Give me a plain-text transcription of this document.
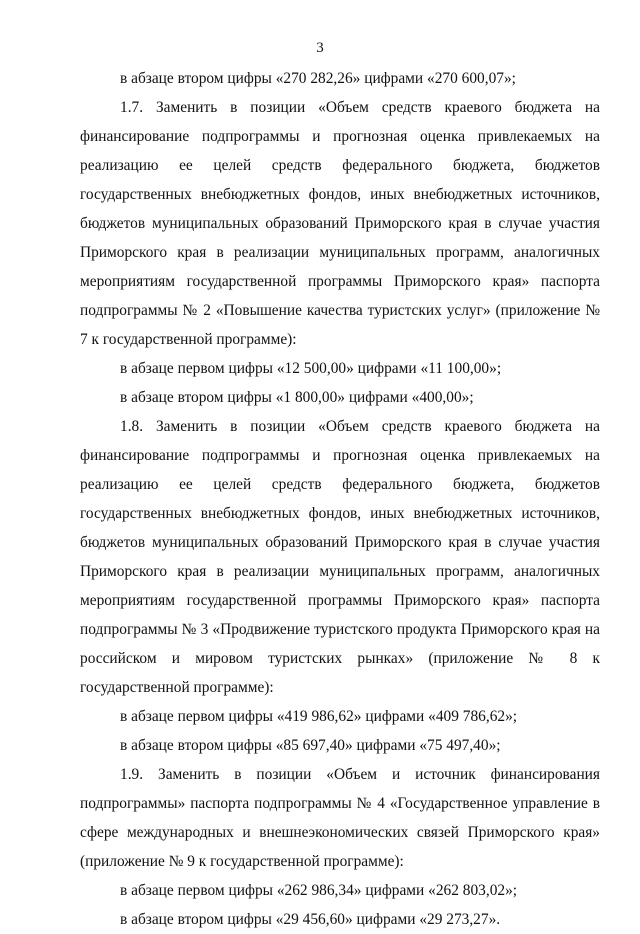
3

в абзаце втором цифры «270 282,26» цифрами «270 600,07»;

1.7. Заменить в позиции «Объем средств краевого бюджета на финансирование подпрограммы и прогнозная оценка привлекаемых на реализацию ее целей средств федерального бюджета, бюджетов государственных внебюджетных фондов, иных внебюджетных источников, бюджетов муниципальных образований Приморского края в случае участия Приморского края в реализации муниципальных программ, аналогичных мероприятиям государственной программы Приморского края» паспорта подпрограммы № 2 «Повышение качества туристских услуг» (приложение № 7 к государственной программе):

в абзаце первом цифры «12 500,00» цифрами «11 100,00»;

в абзаце втором цифры «1 800,00» цифрами «400,00»;

1.8. Заменить в позиции «Объем средств краевого бюджета на финансирование подпрограммы и прогнозная оценка привлекаемых на реализацию ее целей средств федерального бюджета, бюджетов государственных внебюджетных фондов, иных внебюджетных источников, бюджетов муниципальных образований Приморского края в случае участия Приморского края в реализации муниципальных программ, аналогичных мероприятиям государственной программы Приморского края» паспорта подпрограммы № 3 «Продвижение туристского продукта Приморского края на российском и мировом туристских рынках» (приложение № 8 к государственной программе):

в абзаце первом цифры «419 986,62» цифрами «409 786,62»;

в абзаце втором цифры «85 697,40» цифрами «75 497,40»;

1.9. Заменить в позиции «Объем и источник финансирования подпрограммы» паспорта подпрограммы № 4 «Государственное управление в сфере международных и внешнеэкономических связей Приморского края» (приложение № 9 к государственной программе):

в абзаце первом цифры «262 986,34» цифрами «262 803,02»;

в абзаце втором цифры «29 456,60» цифрами «29 273,27».
